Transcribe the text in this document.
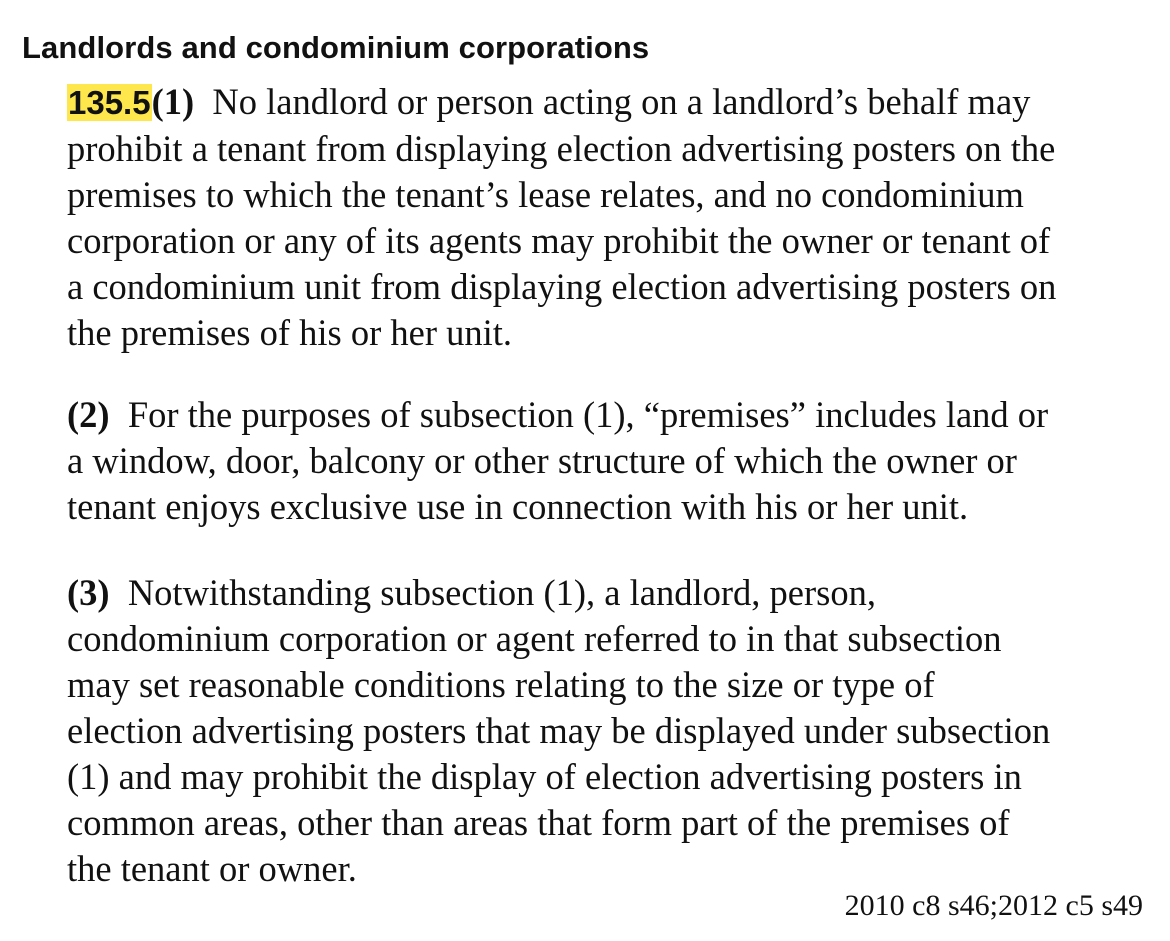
Landlords and condominium corporations
135.5(1) No landlord or person acting on a landlord’s behalf may
prohibit a tenant from displaying election advertising posters on the
premises to which the tenant’s lease relates, and no condominium
corporation or any of its agents may prohibit the owner or tenant of
a condominium unit from displaying election advertising posters on
the premises of his or her unit.
(2) For the purposes of subsection (1), “premises” includes land or
a window, door, balcony or other structure of which the owner or
tenant enjoys exclusive use in connection with his or her unit.
(3) Notwithstanding subsection (1), a landlord, person,
condominium corporation or agent referred to in that subsection
may set reasonable conditions relating to the size or type of
election advertising posters that may be displayed under subsection
(1) and may prohibit the display of election advertising posters in
common areas, other than areas that form part of the premises of
the tenant or owner.
2010 c8 s46;2012 c5 s49
